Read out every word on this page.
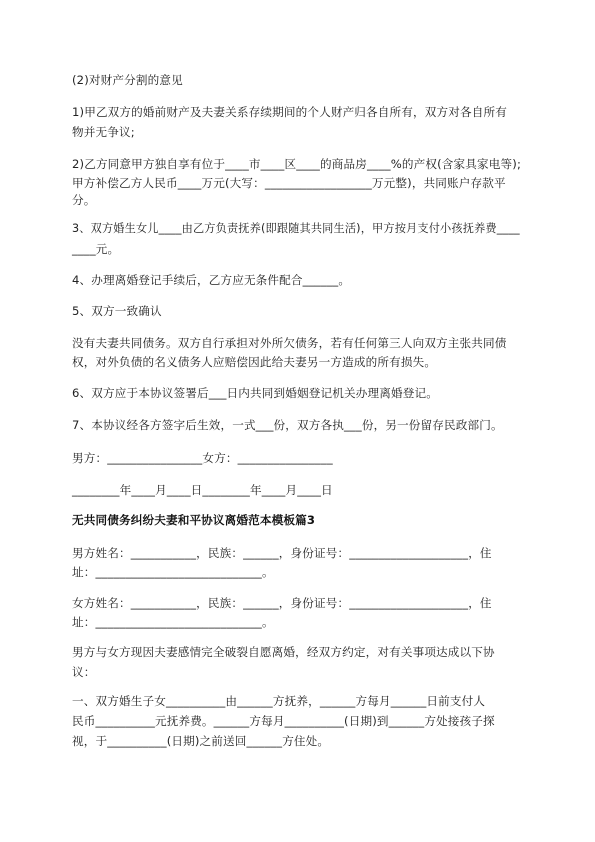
(2)对财产分割的意见

1)甲乙双方的婚前财产及夫妻关系存续期间的个人财产归各自所有，双方对各自所有

物并无争议;

2)乙方同意甲方独自享有位于____市____区____的商品房____%的产权(含家具家电等);

甲方补偿乙方人民币____万元(大写：__________________万元整)，共同账户存款平

分。

3、双方婚生女儿____由乙方负责抚养(即跟随其共同生活)，甲方按月支付小孩抚养费____

____元。

4、办理离婚登记手续后，乙方应无条件配合______。

5、双方一致确认

没有夫妻共同债务。双方自行承担对外所欠债务，若有任何第三人向双方主张共同债

权，对外负债的名义债务人应赔偿因此给夫妻另一方造成的所有损失。

6、双方应于本协议签署后___日内共同到婚姻登记机关办理离婚登记。

7、本协议经各方签字后生效，一式___份，双方各执___份，另一份留存民政部门。

男方：________________女方：________________

________年____月____日________年____月____日

无共同债务纠纷夫妻和平协议离婚范本模板篇3

男方姓名：___________，民族：______，身份证号：____________________，住

址：____________________________。

女方姓名：___________，民族：______，身份证号：____________________，住

址：____________________________。

男方与女方现因夫妻感情完全破裂自愿离婚，经双方约定，对有关事项达成以下协

议：

一、双方婚生子女__________由______方抚养，______方每月______日前支付人

民币__________元抚养费。______方每月__________(日期)到______方处接孩子探

视，于__________(日期)之前送回______方住处。
